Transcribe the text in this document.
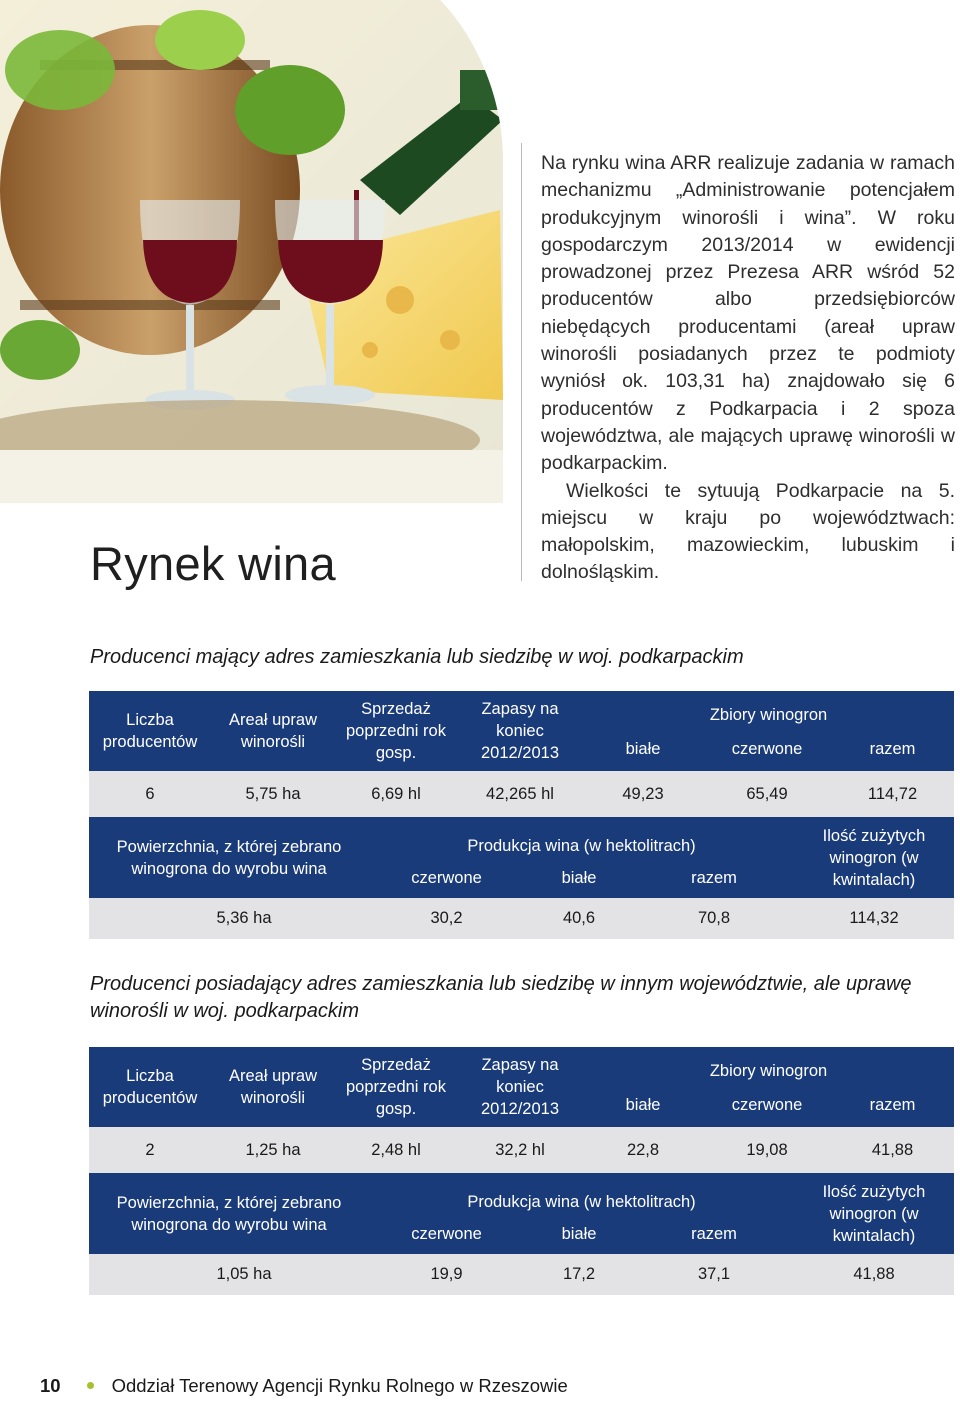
Na rynku wina ARR realizuje zadania w ramach mechanizmu „Administrowanie potencjałem produkcyjnym winorośli i wina”. W roku gospodarczym 2013/2014 w ewidencji prowadzonej przez Prezesa ARR wśród 52 producentów albo przedsiębiorców niebędących producentami (areał upraw winorośli posiadanych przez te podmioty wyniósł ok. 103,31 ha) znajdowało się 6 producentów z Podkarpacia i 2 spoza województwa, ale mających uprawę winorośli w podkarpackim.

Wielkości te sytuują Podkarpacie na 5. miejscu w kraju po województwach: małopolskim, mazowieckim, lubuskim i dolnośląskim.

Rynek wina
Producenci mający adres zamieszkania lub siedzibę w woj. podkarpackim
Liczba producentów	Areał upraw winorośli	Sprzedaż poprzedni rok gosp.	Zapasy na koniec 2012/2013	Zbiory winogron		
				białe	czerwone	razem
6	5,75 ha	6,69 hl	42,265 hl	49,23	65,49	114,72
Powierzchnia, z której zebrano winogrona do wyrobu wina	Produkcja wina (w hektolitrach)			Ilość zużytych winogron (w kwintalach)
	czerwone	białe	razem	
5,36 ha	30,2	40,6	70,8	114,32
Producenci posiadający adres zamieszkania lub siedzibę w innym województwie, ale uprawę winorośli w woj. podkarpackim
Liczba producentów	Areał upraw winorośli	Sprzedaż poprzedni rok gosp.	Zapasy na koniec 2012/2013	Zbiory winogron		
				białe	czerwone	razem
2	1,25 ha	2,48 hl	32,2 hl	22,8	19,08	41,88
Powierzchnia, z której zebrano winogrona do wyrobu wina	Produkcja wina (w hektolitrach)			Ilość zużytych winogron (w kwintalach)
	czerwone	białe	razem	
1,05 ha	19,9	17,2	37,1	41,88
10	Oddział Terenowy Agencji Rynku Rolnego w Rzeszowie
